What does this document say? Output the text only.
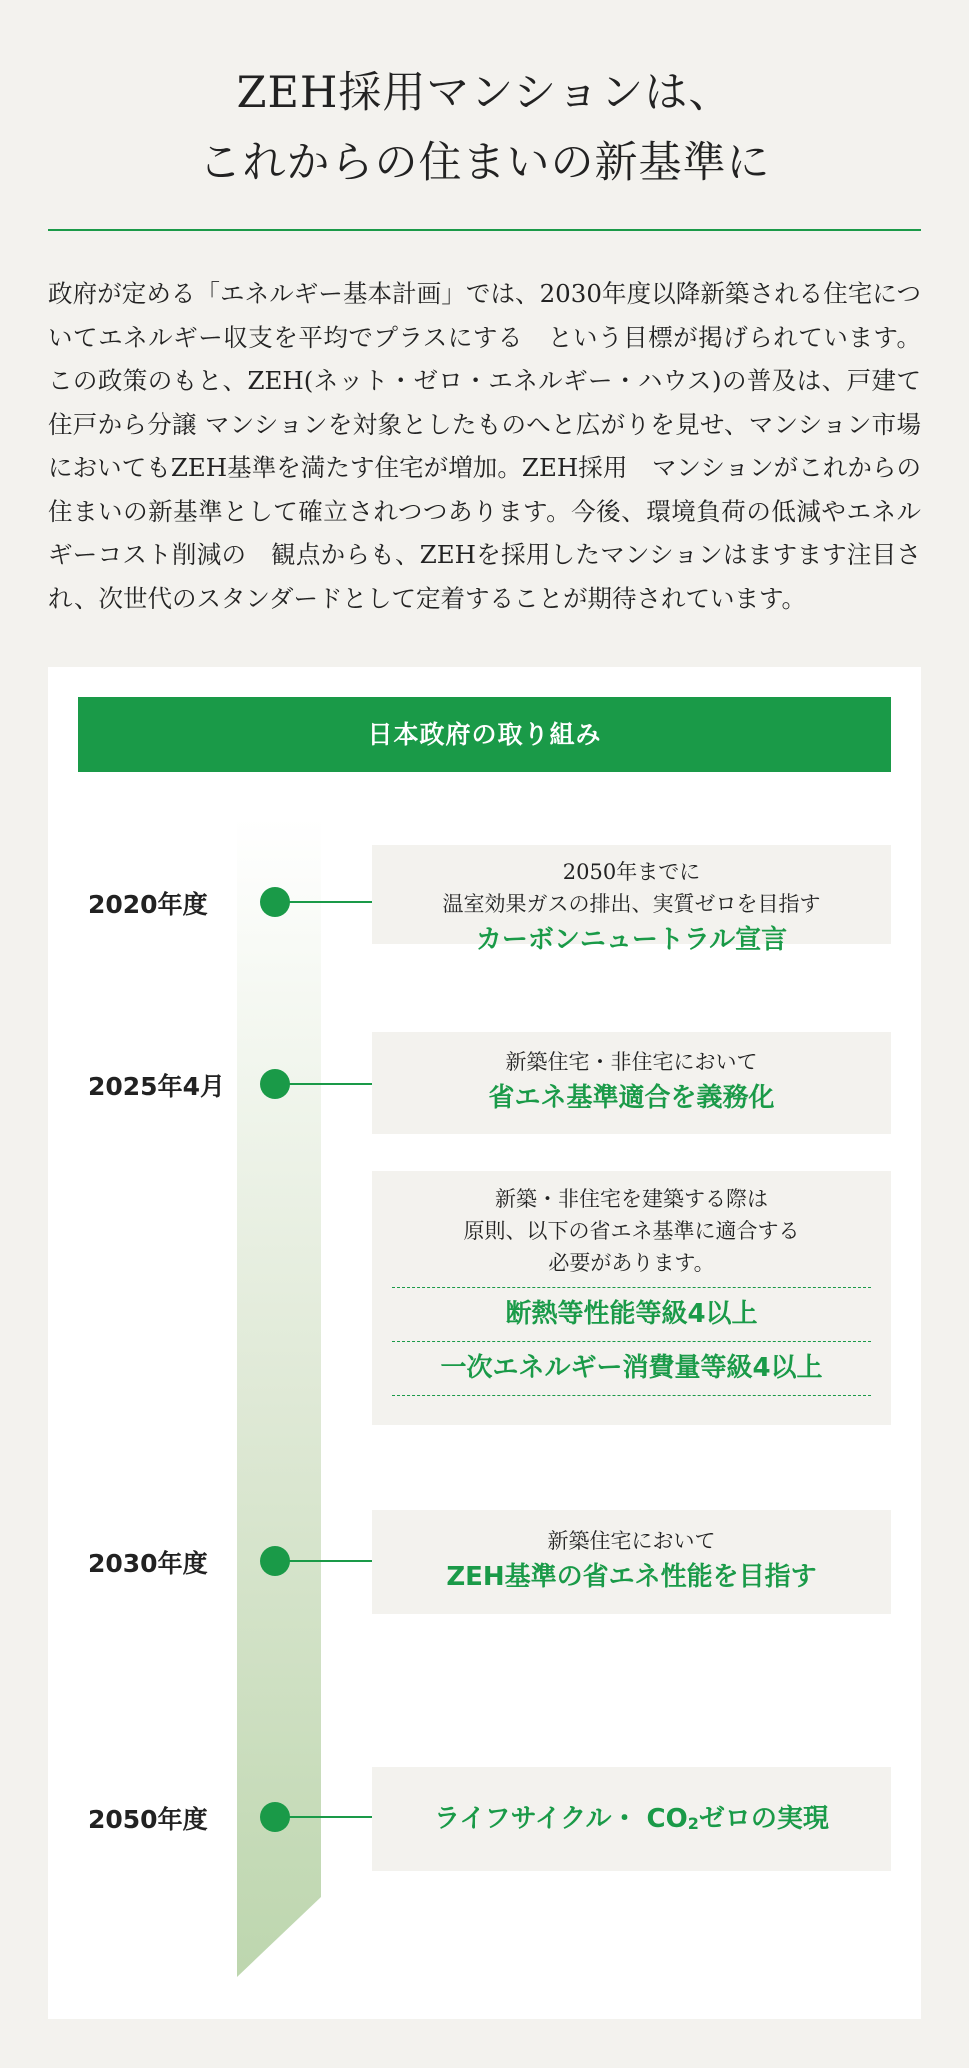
ZEH採用マンションは、
これからの住まいの新基準に
政府が定める「エネルギー基本計画」では、2030年度以降新築される住宅についてエネルギー収支を平均でプラスにする　という目標が掲げられています。この政策のもと、ZEH(ネット・ゼロ・エネルギー・ハウス)の普及は、戸建て住戸から分譲 マンションを対象としたものへと広がりを見せ、マンション市場においてもZEH基準を満たす住宅が増加。ZEH採用　マンションがこれからの住まいの新基準として確立されつつあります。今後、環境負荷の低減やエネルギーコスト削減の　観点からも、ZEHを採用したマンションはますます注目され、次世代のスタンダードとして定着することが期待されています。
日本政府の取り組み
2020年度
2050年までに
温室効果ガスの排出、実質ゼロを目指す
カーボンニュートラル宣言
2025年4月
新築住宅・非住宅において
省エネ基準適合を義務化
新築・非住宅を建築する際は
原則、以下の省エネ基準に適合する
必要があります。
断熱等性能等級4以上
一次エネルギー消費量等級4以上
2030年度
新築住宅において
ZEH基準の省エネ性能を目指す
2050年度	ライフサイクル・ CO2ゼロの実現
